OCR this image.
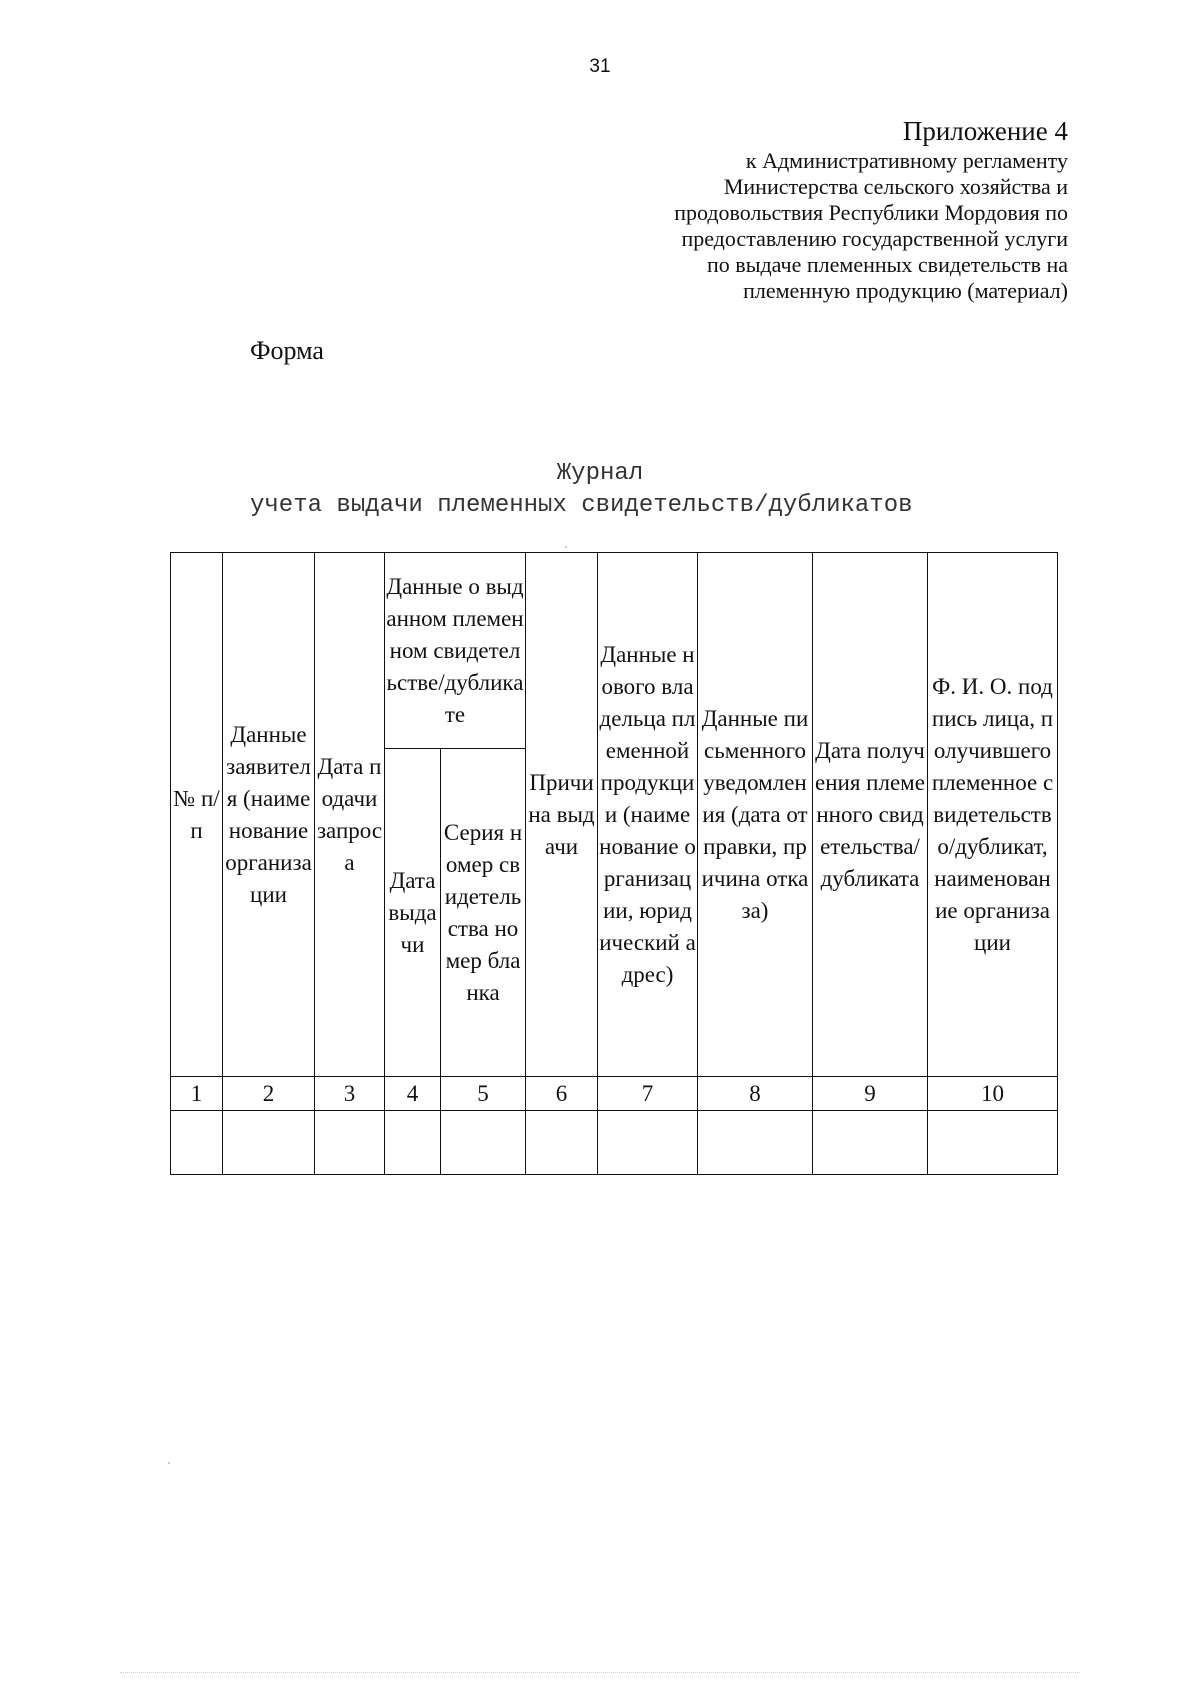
31
Приложение 4
к Административному регламенту
Министерства сельского хозяйства и
продовольствия Республики Мордовия по
предоставлению государственной услуги
по выдаче племенных свидетельств на
племенную продукцию (материал)
Форма
Журнал
учета выдачи племенных свидетельств/дубликатов
№ п/п	Данные заявителя (наименование организации	Дата подачи запроса	Данные о выданном племенном свидетельстве/дубликате		Причина выдачи	Данные нового владельца племенной продукции (наименование организации, юридический адрес)	Данные письменного уведомления (дата отправки, причина отказа)	Дата получения племенного свидетельства/ дубликата	Ф. И. О. подпись лица, получившего племенное свидетельство/дубликат, наименование организации
			Дата выдачи	Серия номер свидетельства номер бланка					
1	2	3	4	5	6	7	8	9	10
